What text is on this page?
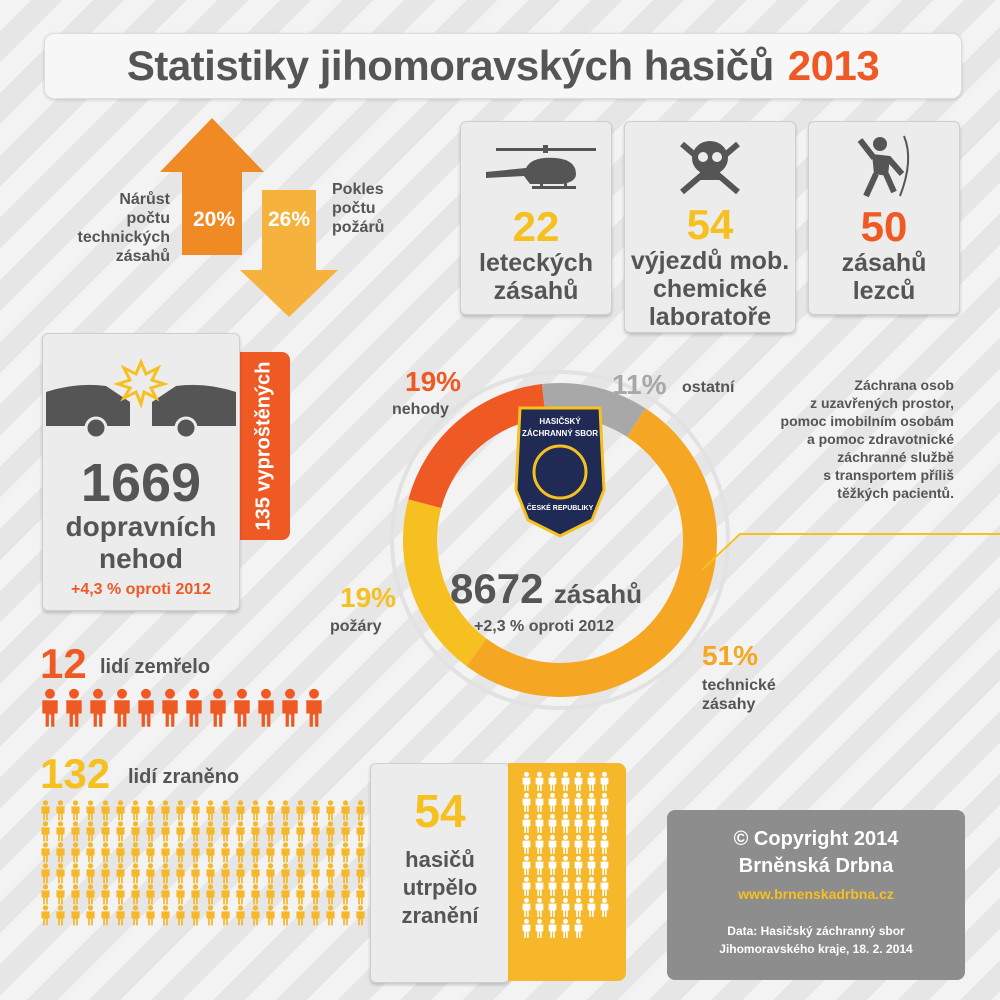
Statistiky jihomoravských hasičů 2013
20% 26%
Nárůst
počtu
technických
zásahů
Pokles
počtu
požárů	22
leteckých
zásahů
54
výjezdů mob.
chemické
laboratoře
50
zásahů
lezců
135 vyproštěných
1669
dopravních
nehod
+4,3 % oproti 2012
HASIČSKÝ
ZÁCHRANNÝ SBOR
ČESKÉ REPUBLIKY
8672 zásahů
+2,3 % oproti 2012
19%
nehody
11% ostatní
19%
požáry
51%
technické zásahy
Záchrana osob
z uzavřených prostor,
pomoc imobilním osobám
a pomoc zdravotnické
záchranné službě
s transportem příliš
těžkých pacientů.
12 lidí zemřelo
132 lidí zraněno
54
hasičů
utrpělo
zranění
© Copyright 2014
Brněnská Drbna
www.brnenskadrbna.cz
Data: Hasičský záchranný sbor
Jihomoravského kraje, 18. 2. 2014
